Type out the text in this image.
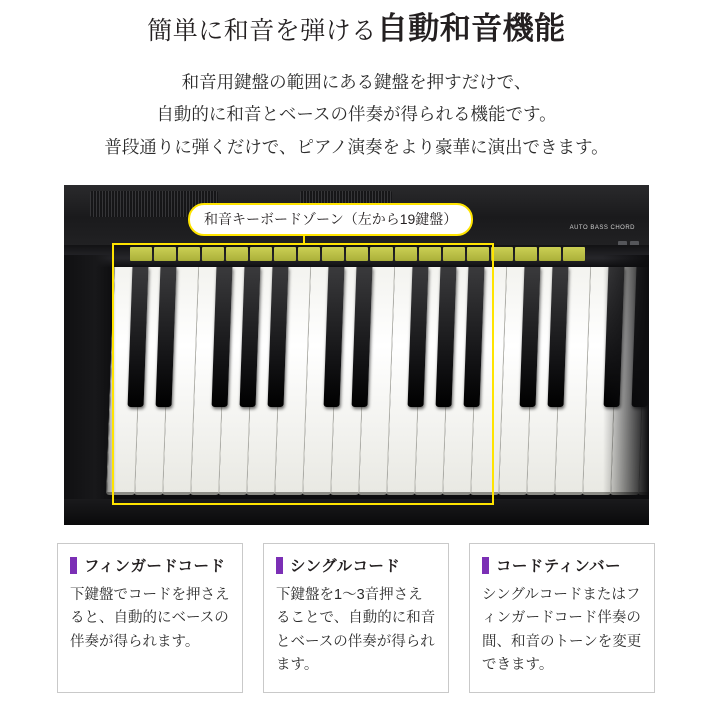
簡単に和音を弾ける自動和音機能
和音用鍵盤の範囲にある鍵盤を押すだけで、
自動的に和音とベースの伴奏が得られる機能です。
普段通りに弾くだけで、ピアノ演奏をより豪華に演出できます。
AUTO BASS CHORD
和音キーボードゾーン（左から19鍵盤）
フィンガードコード
下鍵盤でコードを押さえると、自動的にベースの伴奏が得られます。
シングルコード
下鍵盤を1〜3音押さえることで、自動的に和音とベースの伴奏が得られます。
コードティンバー
シングルコードまたはフィンガードコード伴奏の間、和音のトーンを変更できます。
